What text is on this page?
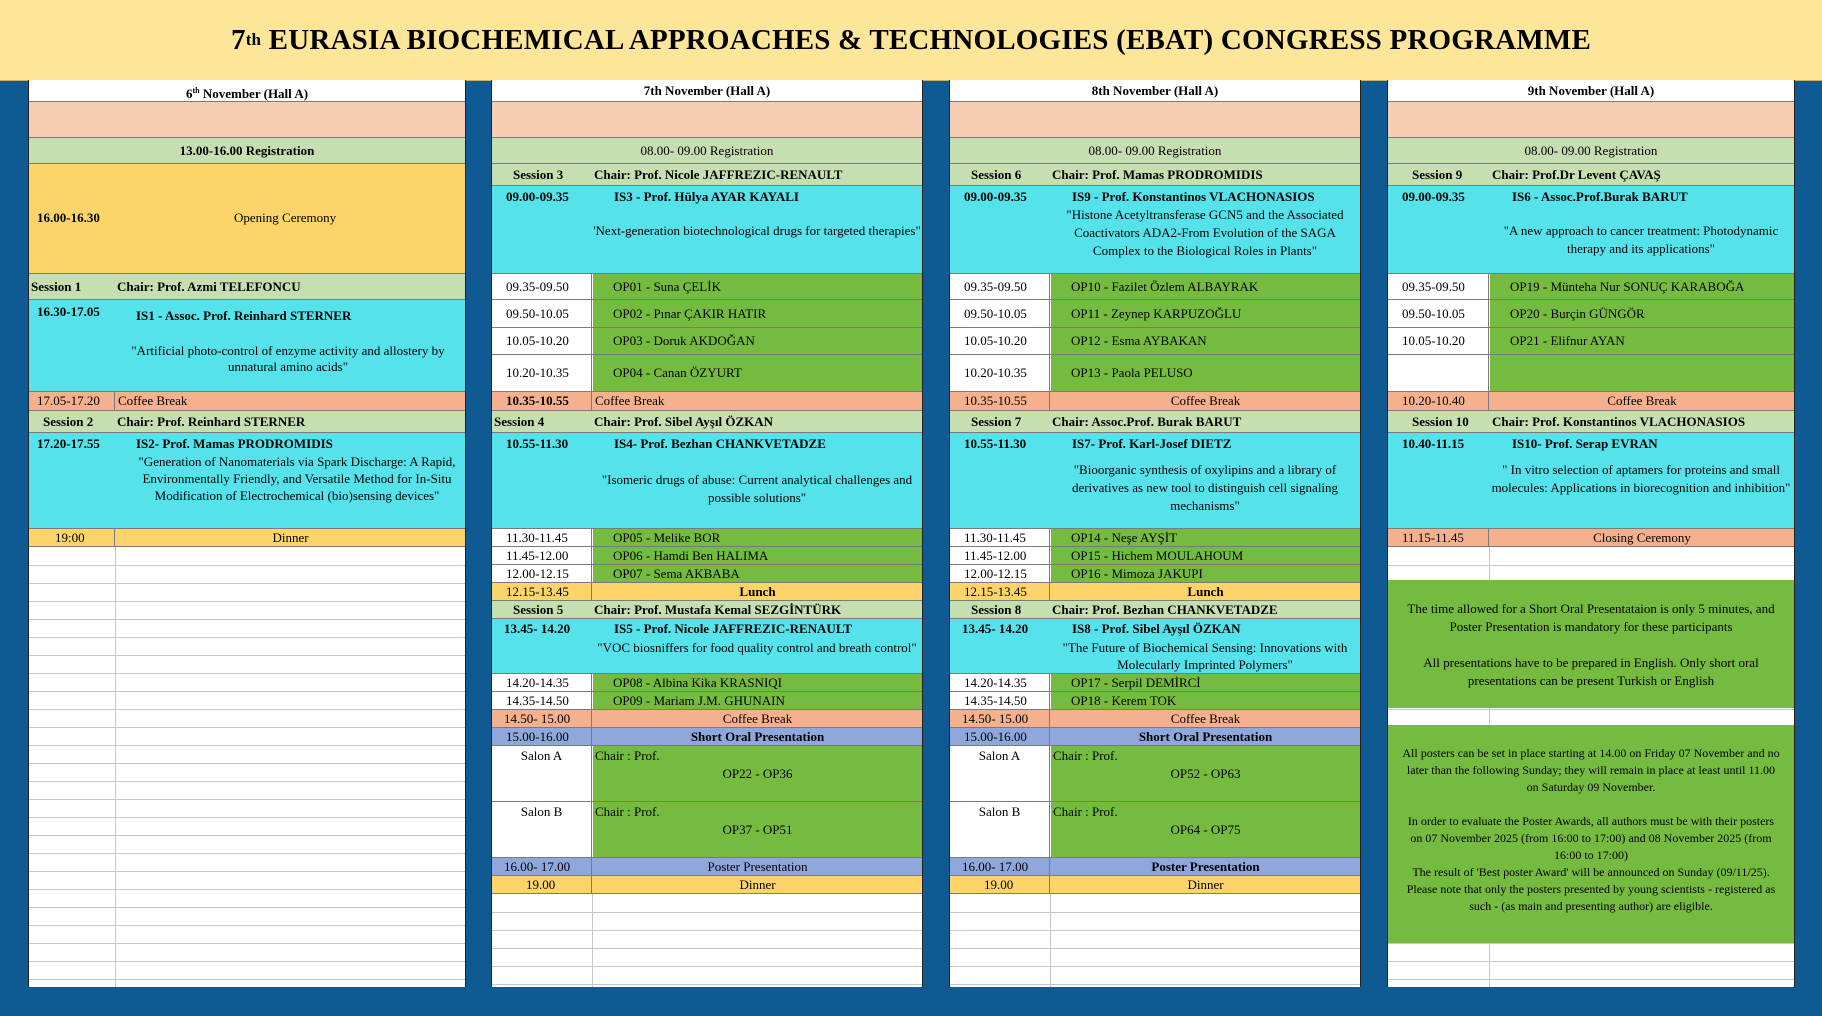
7 th
EURASIA BIOCHEMICAL APPROACHES & TECHNOLOGIES (EBAT) CONGRESS PROGRAMME
6th November (Hall A)
13.00-16.00 Registration
16.00-16.30	Opening Ceremony
Session 1	Chair: Prof. Azmi TELEFONCU
16.30-17.05	IS1 - Assoc. Prof. Reinhard STERNER
"Artificial photo-control of enzyme activity and allostery by unnatural amino acids"
17.05-17.20	Coffee Break
Session 2 Chair: Prof. Reinhard STERNER
17.20-17.55	IS2- Prof. Mamas PRODROMIDIS
"Generation of Nanomaterials via Spark Discharge: A Rapid, Environmentally Friendly, and Versatile Method for In-Situ Modification of Electrochemical (bio)sensing devices"
19:00	Dinner
7th November (Hall A)
08.00- 09.00 Registration
Session 3 Chair: Prof. Nicole JAFFREZIC-RENAULT
09.00-09.35	IS3 - Prof. Hülya AYAR KAYALI
'Next-generation biotechnological drugs for targeted therapies"
09.35-09.50	OP01 - Suna ÇELİK
09.50-10.05	OP02 - Pınar ÇAKIR HATIR
10.05-10.20	OP03 - Doruk AKDOĞAN
10.20-10.35	OP04 - Canan ÖZYURT
10.35-10.55	Coffee Break
Session 4	Chair: Prof. Sibel Ayşıl ÖZKAN
10.55-11.30	IS4- Prof. Bezhan CHANKVETADZE
"Isomeric drugs of abuse: Current analytical challenges and possible solutions"
11.30-11.45	OP05 - Melike BOR
11.45-12.00	OP06 - Hamdi Ben HALIMA
12.00-12.15	OP07 - Sema AKBABA
12.15-13.45	Lunch
Session 5 Chair: Prof. Mustafa Kemal SEZGİNTÜRK
13.45- 14.20	IS5 - Prof. Nicole JAFFREZIC-RENAULT
"VOC biosniffers for food quality control and breath control"
14.20-14.35	OP08 - Albina Kika KRASNIQI
14.35-14.50	OP09 - Mariam J.M. GHUNAIN
14.50- 15.00	Coffee Break
15.00-16.00	Short Oral Presentation
Salon A	Chair : Prof.
OP22 - OP36
Salon B	Chair : Prof.
OP37 - OP51
16.00- 17.00	Poster Presentation
19.00	Dinner
8th November (Hall A)
08.00- 09.00 Registration
Session 6 Chair: Prof. Mamas PRODROMIDIS
09.00-09.35	IS9 - Prof. Konstantinos VLACHONASIOS
"Histone Acetyltransferase GCN5 and the Associated Coactivators ADA2-From Evolution of the SAGA Complex to the Biological Roles in Plants"
09.35-09.50	OP10 - Fazilet Özlem ALBAYRAK
09.50-10.05	OP11 - Zeynep KARPUZOĞLU
10.05-10.20	OP12 - Esma AYBAKAN
10.20-10.35	OP13 - Paola PELUSO
10.35-10.55	Coffee Break
Session 7 Chair: Assoc.Prof. Burak BARUT
10.55-11.30	IS7- Prof. Karl-Josef DIETZ
"Bioorganic synthesis of oxylipins and a library of derivatives as new tool to distinguish cell signaling mechanisms"
11.30-11.45	OP14 - Neşe AYŞİT
11.45-12.00	OP15 - Hichem MOULAHOUM
12.00-12.15	OP16 - Mimoza JAKUPI
12.15-13.45	Lunch
Session 8 Chair: Prof. Bezhan CHANKVETADZE
13.45- 14.20	IS8 - Prof. Sibel Ayşıl ÖZKAN
"The Future of Biochemical Sensing: Innovations with Molecularly Imprinted Polymers"
14.20-14.35	OP17 - Serpil DEMİRCİ
14.35-14.50	OP18 - Kerem TOK
14.50- 15.00	Coffee Break
15.00-16.00	Short Oral Presentation
Salon A	Chair : Prof.
OP52 - OP63
Salon B	Chair : Prof.
OP64 - OP75
16.00- 17.00	Poster Presentation
19.00	Dinner
9th November (Hall A)
08.00- 09.00 Registration
Session 9 Chair: Prof.Dr Levent ÇAVAŞ
09.00-09.35	IS6 - Assoc.Prof.Burak BARUT
"A new approach to cancer treatment: Photodynamic therapy and its applications"
09.35-09.50	OP19 - Münteha Nur SONUÇ KARABOĞA
09.50-10.05	OP20 - Burçin GÜNGÖR
10.05-10.20	OP21 - Elifnur AYAN
10.20-10.40	Coffee Break
Session 10 Chair: Prof. Konstantinos VLACHONASIOS
10.40-11.15	IS10- Prof. Serap EVRAN
" In vitro selection of aptamers for proteins and small molecules: Applications in biorecognition and inhibition"
11.15-11.45	Closing Ceremony
The time allowed for a Short Oral Presentataion is only 5 minutes, and Poster Presentation is mandatory for these participants
All presentations have to be prepared in English. Only short oral presentations can be present Turkish or English
All posters can be set in place starting at 14.00 on Friday 07 November and no later than the following Sunday; they will remain in place at least until 11.00 on Saturday 09 November.
In order to evaluate the Poster Awards, all authors must be with their posters on 07 November 2025 (from 16:00 to 17:00) and 08 November 2025 (from 16:00 to 17:00)
The result of 'Best poster Award' will be announced on Sunday (09/11/25). Please note that only the posters presented by young scientists - registered as such - (as main and presenting author) are eligible.
